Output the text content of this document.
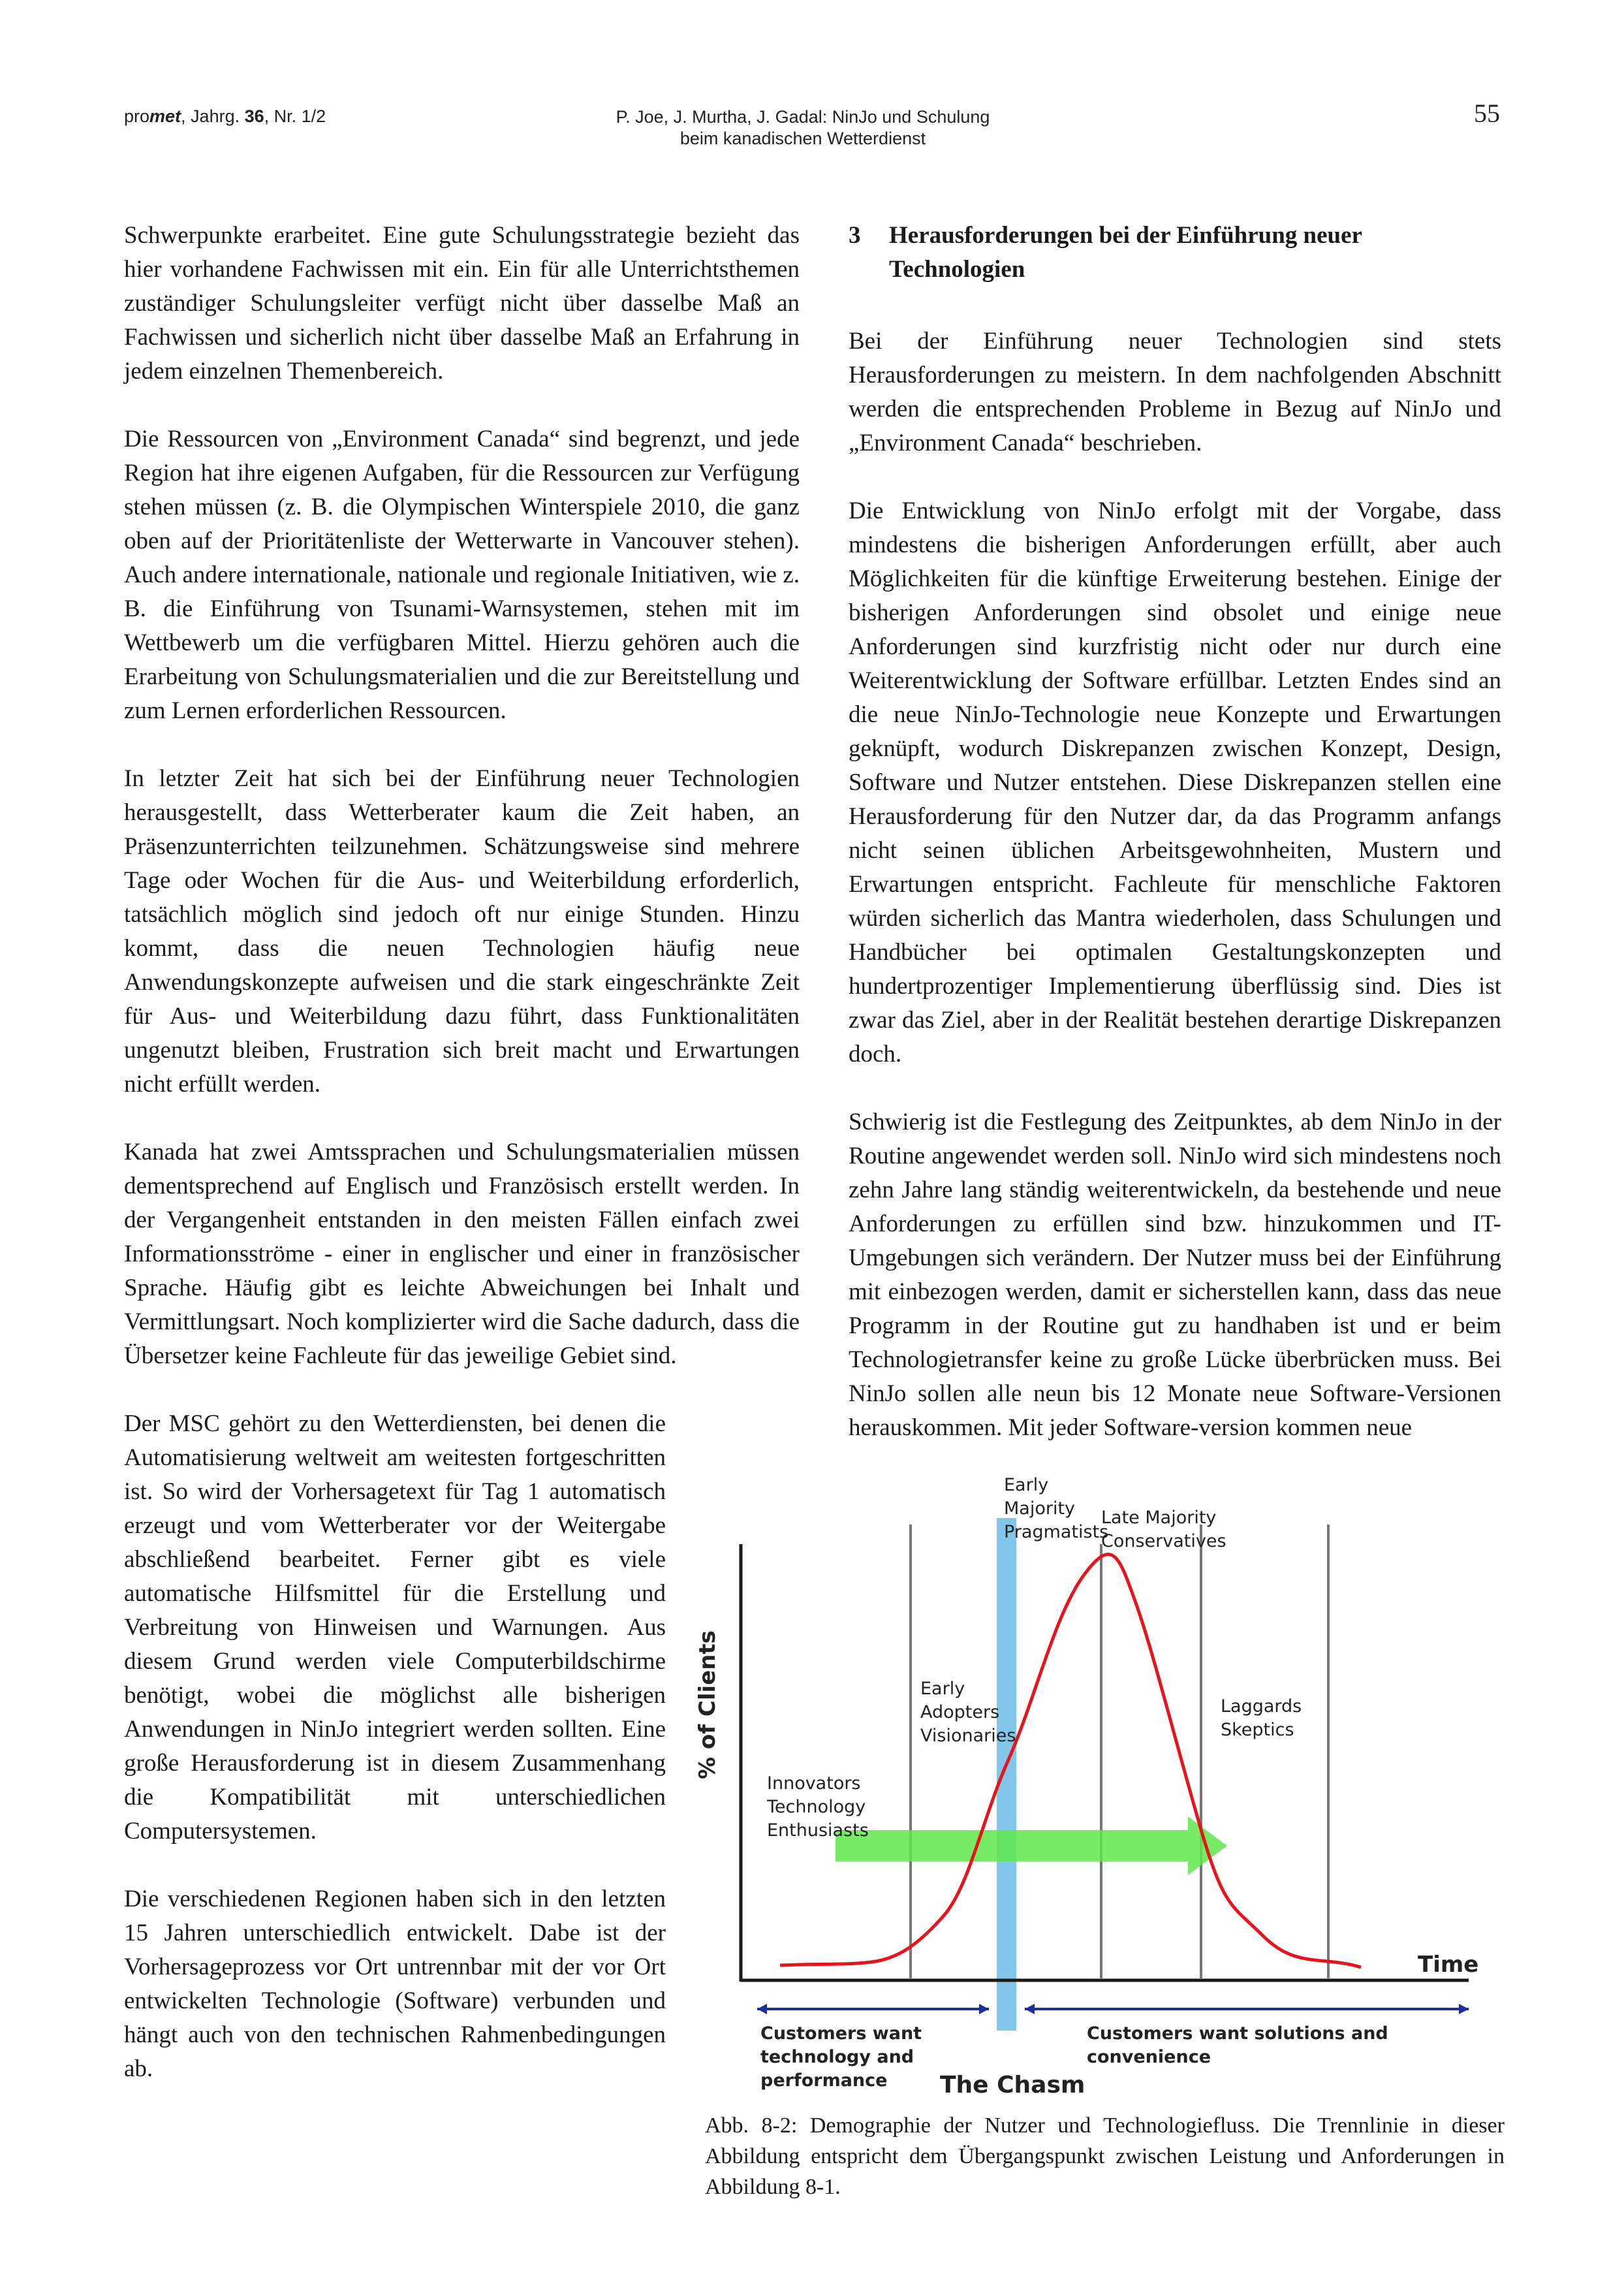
promet, Jahrg. 36, Nr. 1/2	P. Joe, J. Murtha, J. Gadal: NinJo und Schulung
beim kanadischen Wetterdienst
55

Schwerpunkte erarbeitet. Eine gute Schulungsstrategie bezieht das hier vorhandene Fachwissen mit ein. Ein für alle Unterrichtsthemen zuständiger Schulungsleiter verfügt nicht über dasselbe Maß an Fachwissen und sicherlich nicht über dasselbe Maß an Erfahrung in jedem einzelnen Themenbereich.

Die Ressourcen von „Environment Canada“ sind begrenzt, und jede Region hat ihre eigenen Aufgaben, für die Ressourcen zur Verfügung stehen müssen (z. B. die Olympischen Winterspiele 2010, die ganz oben auf der Prioritätenliste der Wetterwarte in Vancouver stehen). Auch andere internationale, nationale und regionale Initiativen, wie z. B. die Einführung von Tsunami-Warnsystemen, stehen mit im Wettbewerb um die verfügbaren Mittel. Hierzu gehören auch die Erarbeitung von Schulungsmaterialien und die zur Bereitstellung und zum Lernen erforderlichen Ressourcen.

In letzter Zeit hat sich bei der Einführung neuer Technologien herausgestellt, dass Wetterberater kaum die Zeit haben, an Präsenzunterrichten teilzunehmen. Schätzungsweise sind mehrere Tage oder Wochen für die Aus- und Weiterbildung erforderlich, tatsächlich möglich sind jedoch oft nur einige Stunden. Hinzu kommt, dass die neuen Technologien häufig neue Anwendungskonzepte aufweisen und die stark eingeschränkte Zeit für Aus- und Weiterbildung dazu führt, dass Funktionalitäten ungenutzt bleiben, Frustration sich breit macht und Erwartungen nicht erfüllt werden.

Kanada hat zwei Amtssprachen und Schulungsmaterialien müssen dementsprechend auf Englisch und Französisch erstellt werden. In der Vergangenheit entstanden in den meisten Fällen einfach zwei Informationsströme - einer in englischer und einer in französischer Sprache. Häufig gibt es leichte Abweichungen bei Inhalt und Vermittlungsart. Noch komplizierter wird die Sache dadurch, dass die Übersetzer keine Fachleute für das jeweilige Gebiet sind.

Der MSC gehört zu den Wetterdiensten, bei denen die Automatisierung weltweit am weitesten fortgeschritten ist. So wird der Vorhersagetext für Tag 1 automatisch erzeugt und vom Wetterberater vor der Weitergabe abschließend bearbeitet. Ferner gibt es viele automatische Hilfsmittel für die Erstellung und Verbreitung von Hinweisen und Warnungen. Aus diesem Grund werden viele Computerbildschirme benötigt, wobei die möglichst alle bisherigen Anwendungen in NinJo integriert werden sollten. Eine große Herausforderung ist in diesem Zusammenhang die Kompatibilität mit unterschiedlichen Computersystemen.

Die verschiedenen Regionen haben sich in den letzten 15 Jahren unterschiedlich entwickelt. Dabe ist der Vorhersageprozess vor Ort untrennbar mit der vor Ort entwickelten Technologie (Software) verbunden und hängt auch von den technischen Rahmenbedingungen ab.

3	Herausforderungen bei der Einführung neuer Technologien

Bei der Einführung neuer Technologien sind stets Herausforderungen zu meistern. In dem nachfolgenden Abschnitt werden die entsprechenden Probleme in Bezug auf NinJo und „Environment Canada“ beschrieben.

Die Entwicklung von NinJo erfolgt mit der Vorgabe, dass mindestens die bisherigen Anforderungen erfüllt, aber auch Möglichkeiten für die künftige Erweiterung bestehen. Einige der bisherigen Anforderungen sind obsolet und einige neue Anforderungen sind kurzfristig nicht oder nur durch eine Weiterentwicklung der Software erfüllbar. Letzten Endes sind an die neue NinJo-Technologie neue Konzepte und Erwartungen geknüpft, wodurch Diskrepanzen zwischen Konzept, Design, Software und Nutzer entstehen. Diese Diskrepanzen stellen eine Herausforderung für den Nutzer dar, da das Programm anfangs nicht seinen üblichen Arbeitsgewohnheiten, Mustern und Erwartungen entspricht. Fachleute für menschliche Faktoren würden sicherlich das Mantra wiederholen, dass Schulungen und Handbücher bei optimalen Gestaltungskonzepten und hundertprozentiger Implementierung überflüssig sind. Dies ist zwar das Ziel, aber in der Realität bestehen derartige Diskrepanzen doch.

Schwierig ist die Festlegung des Zeitpunktes, ab dem NinJo in der Routine angewendet werden soll. NinJo wird sich mindestens noch zehn Jahre lang ständig weiterentwickeln, da bestehende und neue Anforderungen zu erfüllen sind bzw. hinzukommen und IT-Umgebungen sich verändern. Der Nutzer muss bei der Einführung mit einbezogen werden, damit er sicherstellen kann, dass das neue Programm in der Routine gut zu handhaben ist und er beim Technologietransfer keine zu große Lücke überbrücken muss. Bei NinJo sollen alle neun bis 12 Monate neue Software-Versionen herauskommen. Mit jeder Software-version kommen neue

% of Clients
Time
Innovators Technology Enthusiasts
Early Adopters Visionaries
Early Majority Pragmatists
Late Majority Conservatives
Laggards Skeptics
Customers want technology and performance
Customers want solutions and convenience
The Chasm
Abb. 8-2: Demographie der Nutzer und Technologiefluss. Die Trennlinie in dieser Abbildung entspricht dem Übergangspunkt zwischen Leistung und Anforderungen in Abbildung 8-1.
